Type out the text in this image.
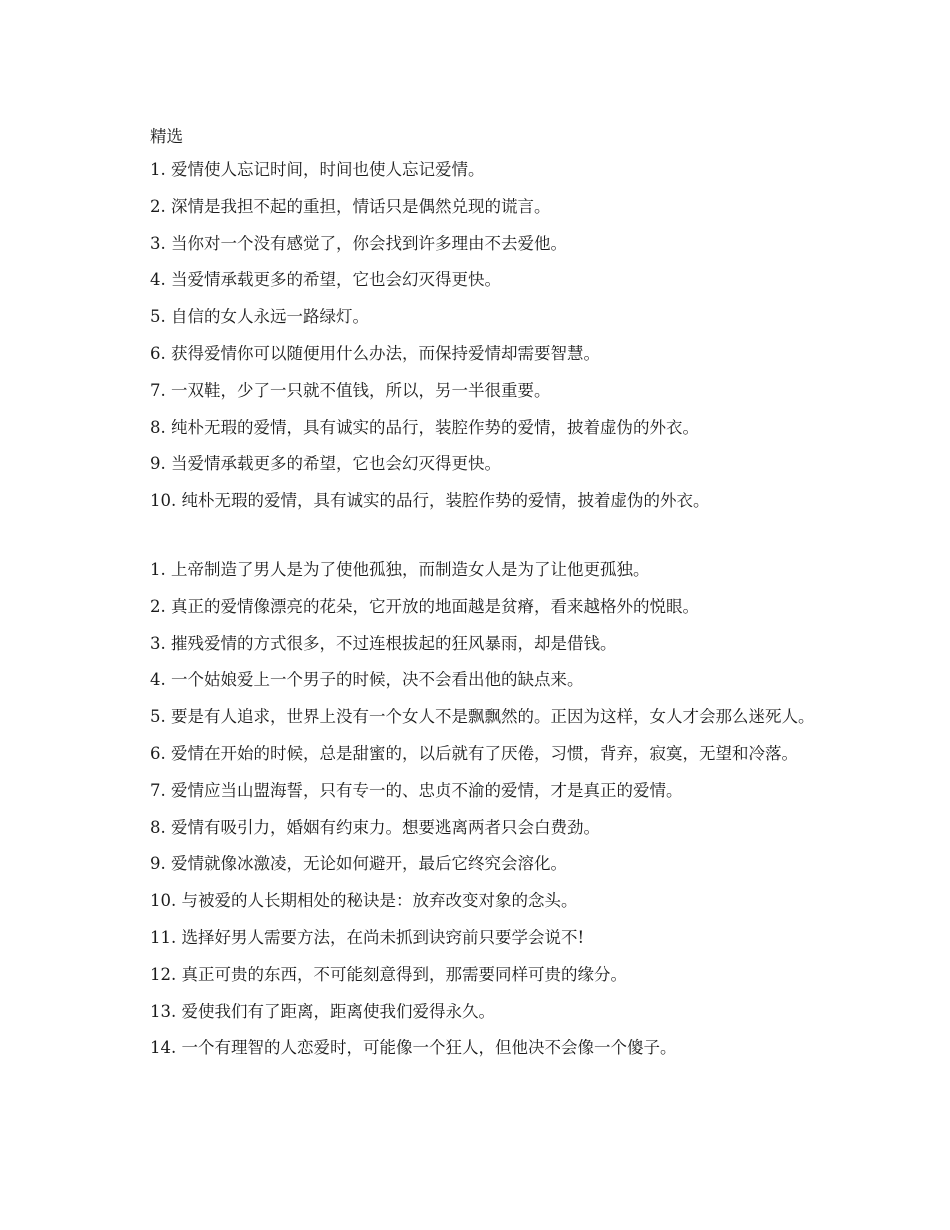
精选
1. 爱情使人忘记时间，时间也使人忘记爱情。
2. 深情是我担不起的重担，情话只是偶然兑现的谎言。
3. 当你对一个没有感觉了，你会找到许多理由不去爱他。
4. 当爱情承载更多的希望，它也会幻灭得更快。
5. 自信的女人永远一路绿灯。
6. 获得爱情你可以随便用什么办法，而保持爱情却需要智慧。
7. 一双鞋，少了一只就不值钱，所以，另一半很重要。
8. 纯朴无瑕的爱情，具有诚实的品行，装腔作势的爱情，披着虚伪的外衣。
9. 当爱情承载更多的希望，它也会幻灭得更快。
10. 纯朴无瑕的爱情，具有诚实的品行，装腔作势的爱情，披着虚伪的外衣。
1. 上帝制造了男人是为了使他孤独，而制造女人是为了让他更孤独。
2. 真正的爱情像漂亮的花朵，它开放的地面越是贫瘠，看来越格外的悦眼。
3. 摧残爱情的方式很多，不过连根拔起的狂风暴雨，却是借钱。
4. 一个姑娘爱上一个男子的时候，决不会看出他的缺点来。
5. 要是有人追求，世界上没有一个女人不是飘飘然的。正因为这样，女人才会那么迷死人。
6. 爱情在开始的时候，总是甜蜜的，以后就有了厌倦，习惯，背弃，寂寞，无望和冷落。
7. 爱情应当山盟海誓，只有专一的、忠贞不渝的爱情，才是真正的爱情。
8. 爱情有吸引力，婚姻有约束力。想要逃离两者只会白费劲。
9. 爱情就像冰激凌，无论如何避开，最后它终究会溶化。
10. 与被爱的人长期相处的秘诀是：放弃改变对象的念头。
11. 选择好男人需要方法，在尚未抓到诀窍前只要学会说不!
12. 真正可贵的东西，不可能刻意得到，那需要同样可贵的缘分。
13. 爱使我们有了距离，距离使我们爱得永久。
14. 一个有理智的人恋爱时，可能像一个狂人，但他决不会像一个傻子。
